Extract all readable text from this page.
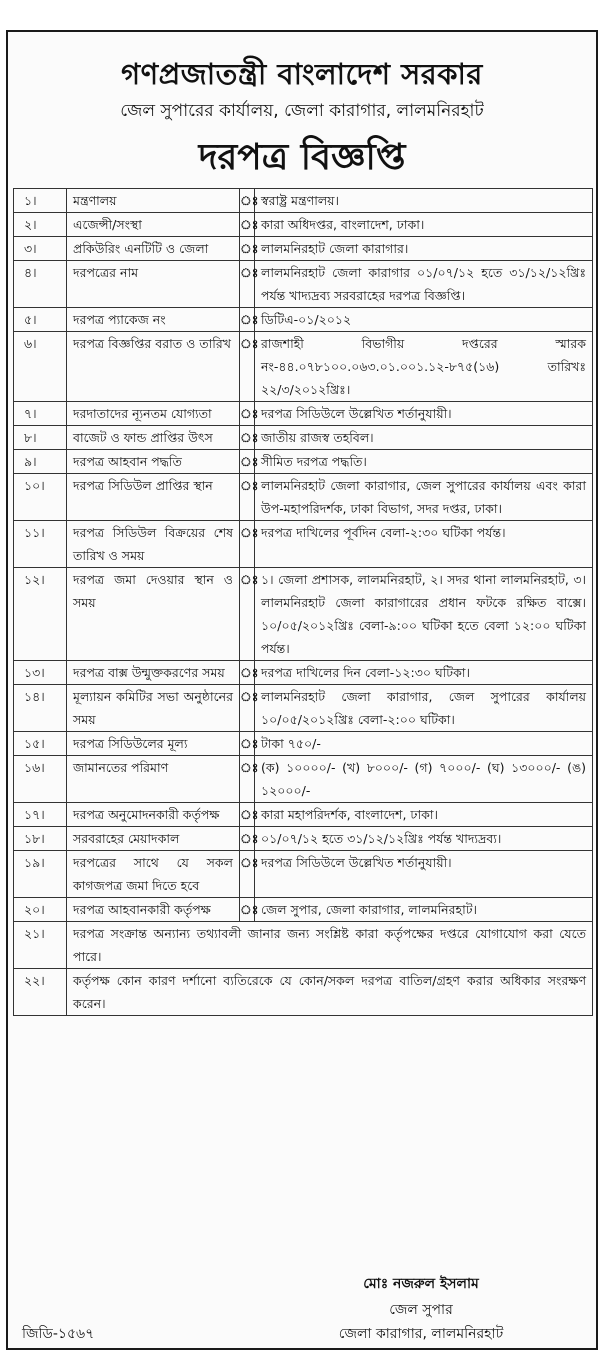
গণপ্রজাতন্ত্রী বাংলাদেশ সরকার
জেল সুপারের কার্যালয়, জেলা কারাগার, লালমনিরহাট
দরপত্র বিজ্ঞপ্তি
১।	মন্ত্রণালয়	ঃ	স্বরাষ্ট্র মন্ত্রণালয়।
২।	এজেন্সী/সংস্থা	ঃ	কারা অধিদপ্তর, বাংলাদেশ, ঢাকা।
৩।	প্রকিউরিং এনটিটি ও জেলা	ঃ	লালমনিরহাট জেলা কারাগার।
৪।	দরপত্রের নাম	ঃ	লালমনিরহাট জেলা কারাগার ০১/০৭/১২ হতে ৩১/১২/১২খ্রিঃ পর্যন্ত খাদ্যদ্রব্য সরবরাহের দরপত্র বিজ্ঞপ্তি।
৫।	দরপত্র প্যাকেজ নং	ঃ	ডিটিএ-০১/২০১২
৬।	দরপত্র বিজ্ঞপ্তির বরাত ও তারিখ	ঃ	রাজশাহী বিভাগীয় দপ্তরের স্মারক নং-৪৪.০৭৮১০০.০৬৩.০১.০০১.১২-৮৭৫(১৬) তারিখঃ ২২/৩/২০১২খ্রিঃ।
৭।	দরদাতাদের ন্যূনতম যোগ্যতা	ঃ	দরপত্র সিডিউলে উল্লেখিত শর্তানুযায়ী।
৮।	বাজেট ও ফান্ড প্রাপ্তির উৎস	ঃ	জাতীয় রাজস্ব তহবিল।
৯।	দরপত্র আহবান পদ্ধতি	ঃ	সীমিত দরপত্র পদ্ধতি।
১০।	দরপত্র সিডিউল প্রাপ্তির স্থান	ঃ	লালমনিরহাট জেলা কারাগার, জেল সুপারের কার্যালয় এবং কারা উপ-মহাপরিদর্শক, ঢাকা বিভাগ, সদর দপ্তর, ঢাকা।
১১।	দরপত্র সিডিউল বিক্রয়ের শেষ তারিখ ও সময়	ঃ	দরপত্র দাখিলের পূর্বদিন বেলা-২:৩০ ঘটিকা পর্যন্ত।
১২।	দরপত্র জমা দেওয়ার স্থান ও সময়	ঃ	১। জেলা প্রশাসক, লালমনিরহাট, ২। সদর থানা লালমনিরহাট, ৩। লালমনিরহাট জেলা কারাগারের প্রধান ফটকে রক্ষিত বাক্সে। ১০/০৫/২০১২খ্রিঃ বেলা-৯:০০ ঘটিকা হতে বেলা ১২:০০ ঘটিকা পর্যন্ত।
১৩।	দরপত্র বাক্স উন্মুক্তকরণের সময়	ঃ	দরপত্র দাখিলের দিন বেলা-১২:৩০ ঘটিকা।
১৪।	মূল্যায়ন কমিটির সভা অনুষ্ঠানের সময়	ঃ	লালমনিরহাট জেলা কারাগার, জেল সুপারের কার্যালয় ১০/০৫/২০১২খ্রিঃ বেলা-২:০০ ঘটিকা।
১৫।	দরপত্র সিডিউলের মূল্য	ঃ	টাকা ৭৫০/-
১৬।	জামানতের পরিমাণ	ঃ	(ক) ১০০০০/- (খ) ৮০০০/- (গ) ৭০০০/- (ঘ) ১৩০০০/- (ঙ) ১২০০০/-
১৭।	দরপত্র অনুমোদনকারী কর্তৃপক্ষ	ঃ	কারা মহাপরিদর্শক, বাংলাদেশ, ঢাকা।
১৮।	সরবরাহের মেয়াদকাল	ঃ	০১/০৭/১২ হতে ৩১/১২/১২খ্রিঃ পর্যন্ত খাদ্যদ্রব্য।
১৯।	দরপত্রের সাথে যে সকল কাগজপত্র জমা দিতে হবে	ঃ	দরপত্র সিডিউলে উল্লেখিত শর্তানুযায়ী।
২০।	দরপত্র আহবানকারী কর্তৃপক্ষ	ঃ	জেল সুপার, জেলা কারাগার, লালমনিরহাট।
২১।	দরপত্র সংক্রান্ত অন্যান্য তথ্যাবলী জানার জন্য সংশ্লিষ্ট কারা কর্তৃপক্ষের দপ্তরে যোগাযোগ করা যেতে পারে।		
২২।	কর্তৃপক্ষ কোন কারণ দর্শানো ব্যতিরেকে যে কোন/সকল দরপত্র বাতিল/গ্রহণ করার অধিকার সংরক্ষণ করেন।		
মোঃ নজরুল ইসলাম
জেল সুপার
জেলা কারাগার, লালমনিরহাট
জিডি-১৫৬৭
